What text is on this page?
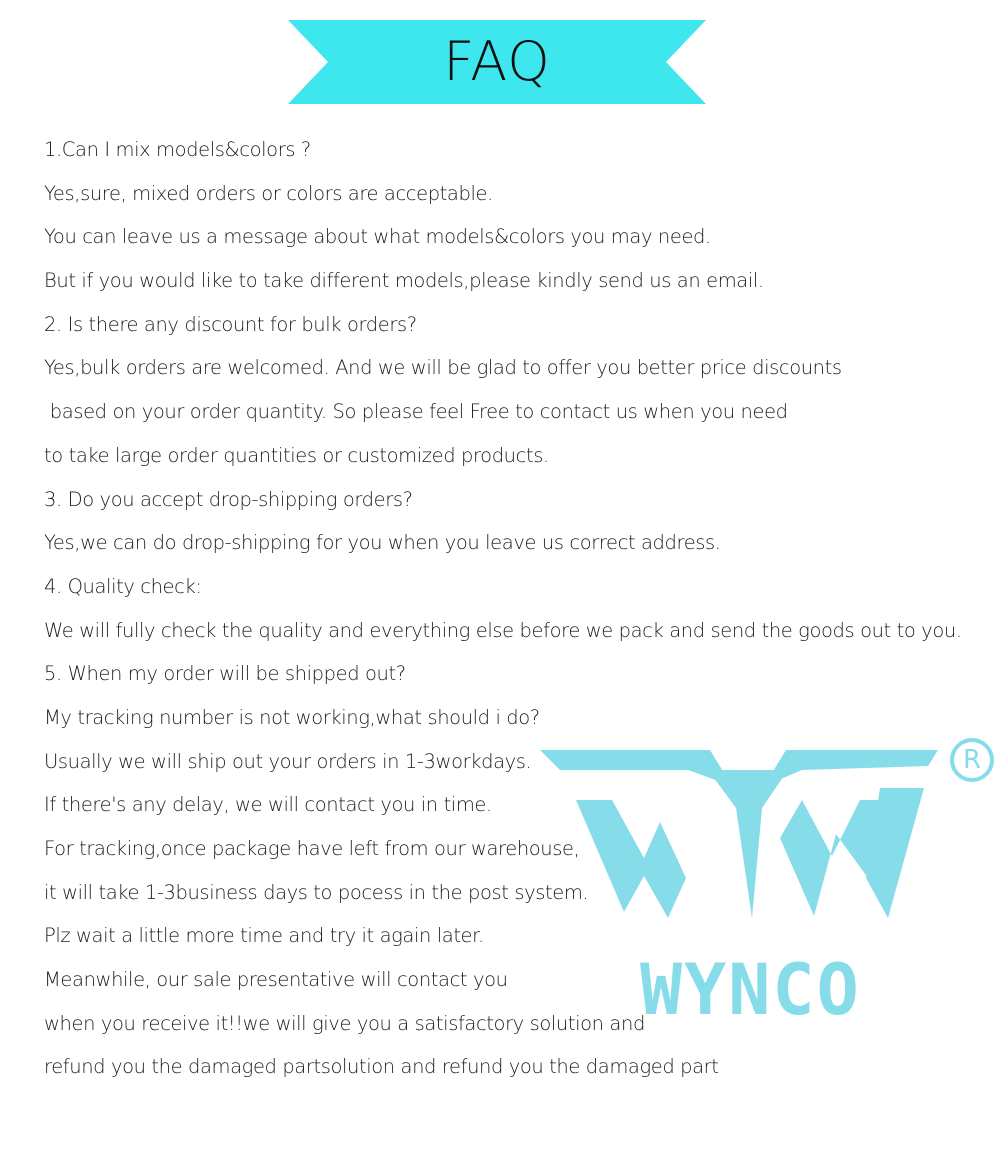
FAQ
1.Can I mix models&colors ?
Yes,sure, mixed orders or colors are acceptable.
You can leave us a message about what models&colors you may need.
But if you would like to take different models,please kindly send us an email.
2. Is there any discount for bulk orders?
Yes,bulk orders are welcomed. And we will be glad to offer you better price discounts
based on your order quantity. So please feel Free to contact us when you need
to take large order quantities or customized products.
3. Do you accept drop-shipping orders?
Yes,we can do drop-shipping for you when you leave us correct address.
4. Quality check:
We will fully check the quality and everything else before we pack and send the goods out to you.
5. When my order will be shipped out?
My tracking number is not working,what should i do?
Usually we will ship out your orders in 1-3workdays.
If there's any delay, we will contact you in time.
For tracking,once package have left from our warehouse,
it will take 1-3business days to pocess in the post system.
Plz wait a little more time and try it again later.
Meanwhile, our sale presentative will contact you
when you receive it!!we will give you a satisfactory solution and
refund you the damaged partsolution and refund you the damaged part
WYNCO
R
